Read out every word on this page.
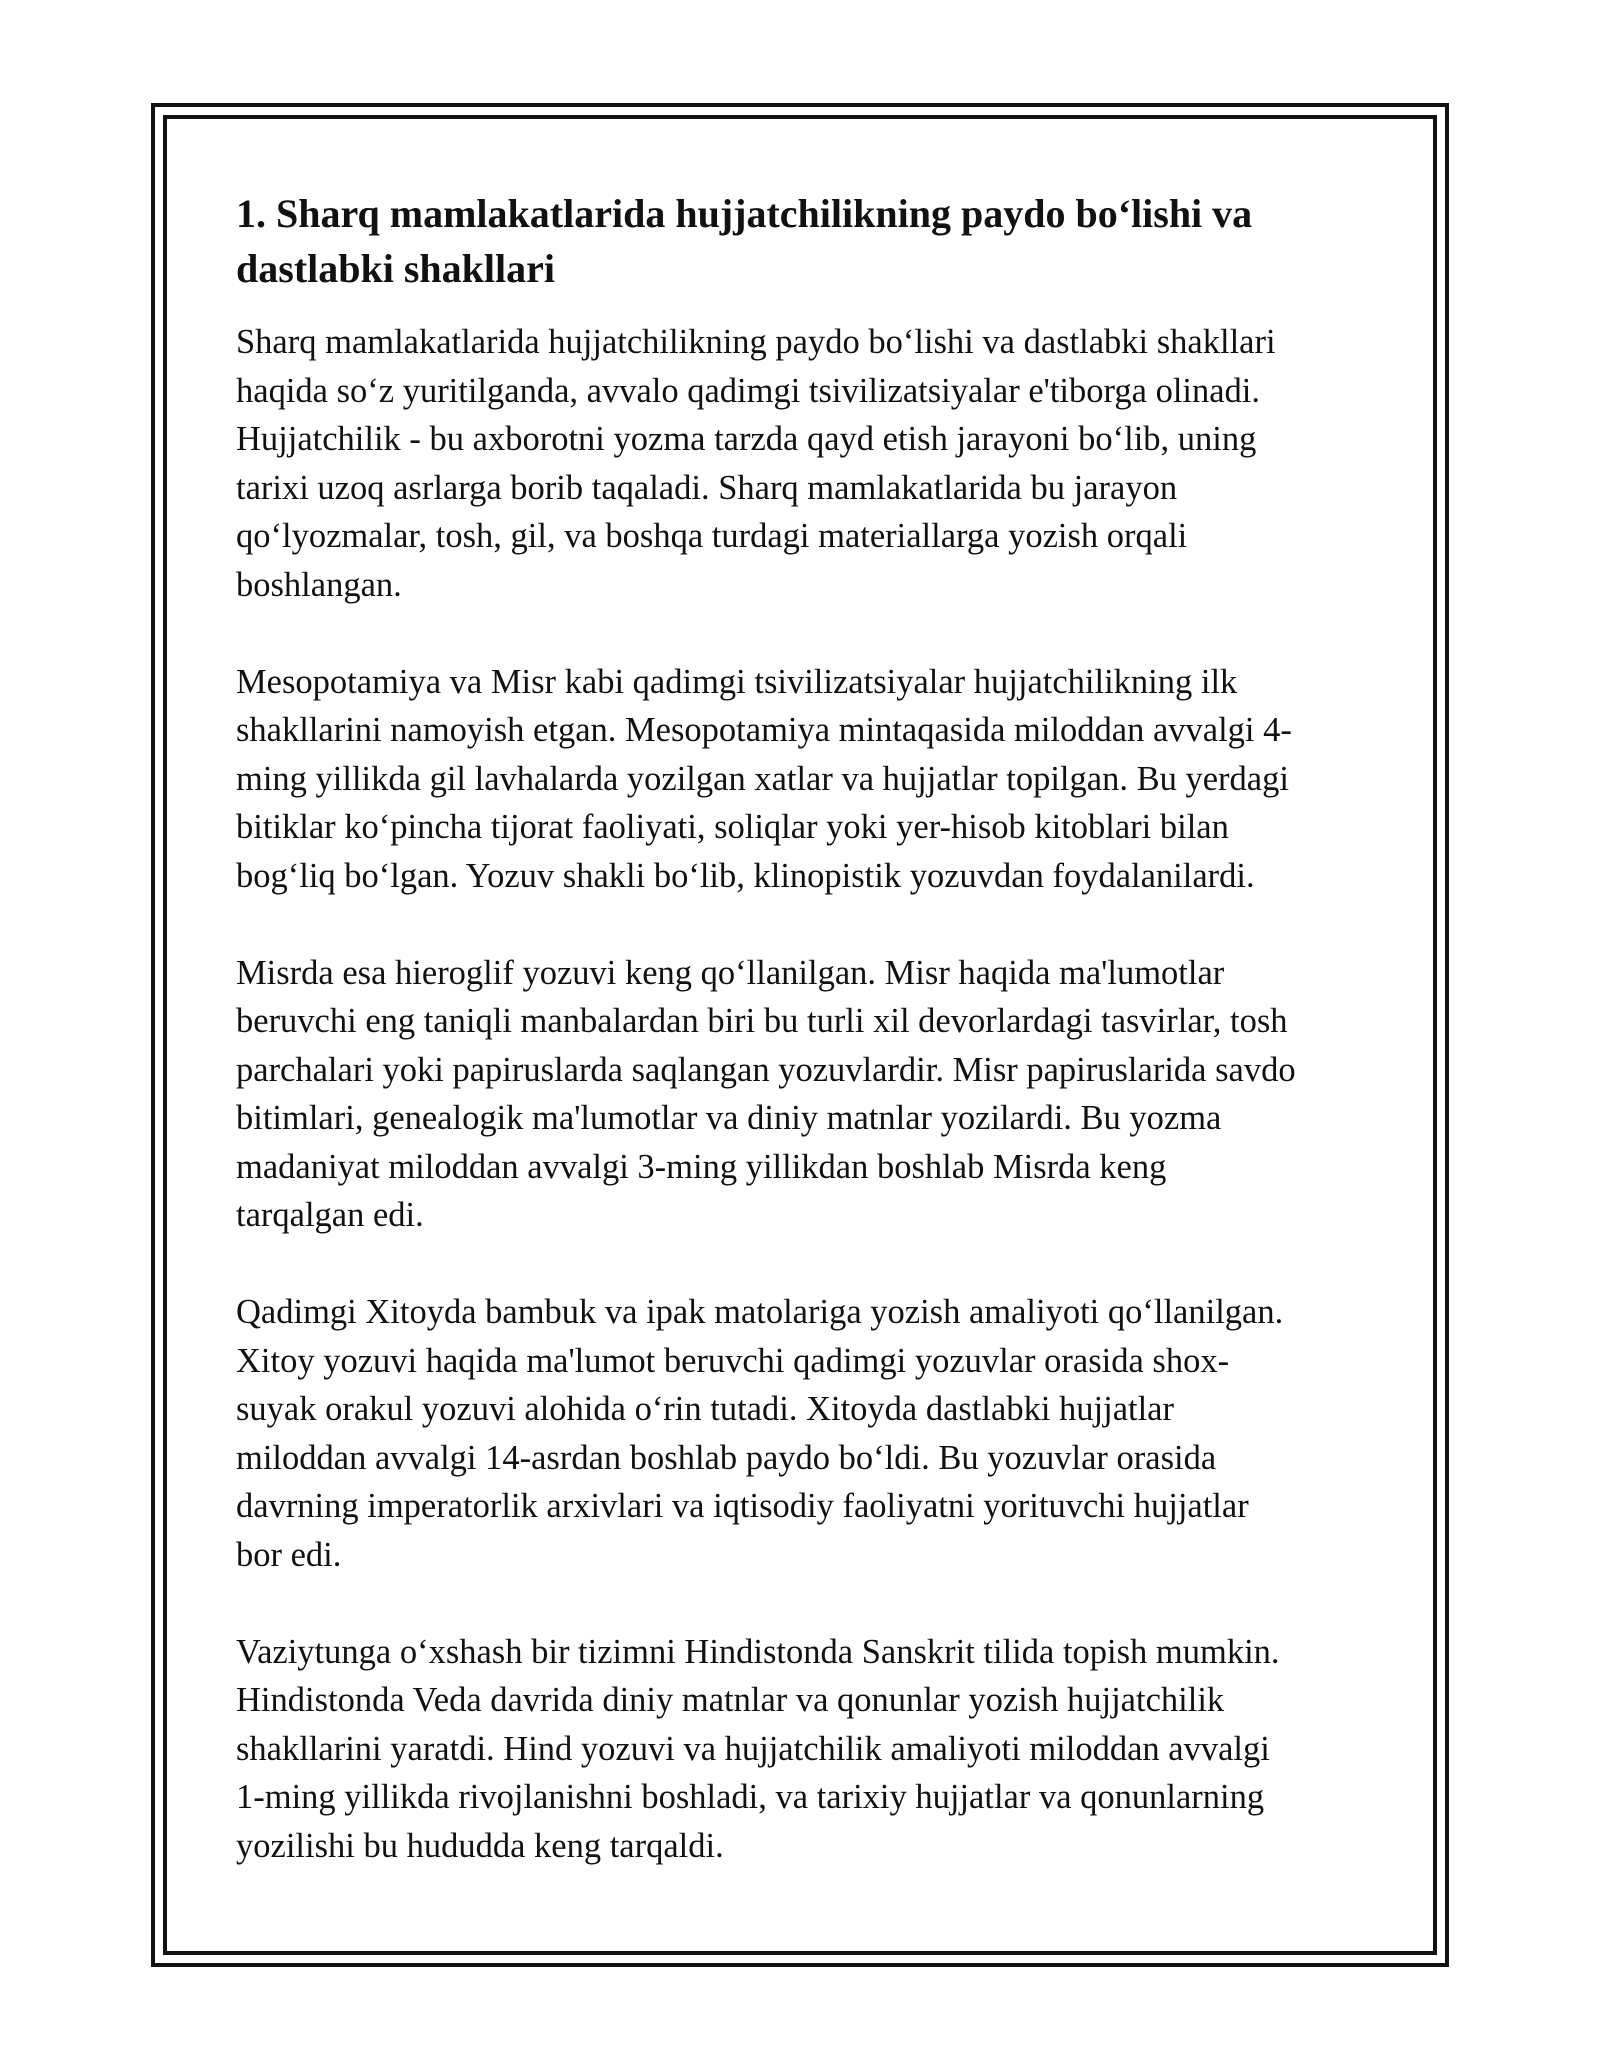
1. Sharq mamlakatlarida hujjatchilikning paydo bo‘lishi va
dastlabki shakllari
Sharq mamlakatlarida hujjatchilikning paydo bo‘lishi va dastlabki shakllari
haqida so‘z yuritilganda, avvalo qadimgi tsivilizatsiyalar e'tiborga olinadi.
Hujjatchilik - bu axborotni yozma tarzda qayd etish jarayoni bo‘lib, uning
tarixi uzoq asrlarga borib taqaladi. Sharq mamlakatlarida bu jarayon
qo‘lyozmalar, tosh, gil, va boshqa turdagi materiallarga yozish orqali
boshlangan.
Mesopotamiya va Misr kabi qadimgi tsivilizatsiyalar hujjatchilikning ilk
shakllarini namoyish etgan. Mesopotamiya mintaqasida miloddan avvalgi 4-
ming yillikda gil lavhalarda yozilgan xatlar va hujjatlar topilgan. Bu yerdagi
bitiklar ko‘pincha tijorat faoliyati, soliqlar yoki yer-hisob kitoblari bilan
bog‘liq bo‘lgan. Yozuv shakli bo‘lib, klinopistik yozuvdan foydalanilardi.
Misrda esa hieroglif yozuvi keng qo‘llanilgan. Misr haqida ma'lumotlar
beruvchi eng taniqli manbalardan biri bu turli xil devorlardagi tasvirlar, tosh
parchalari yoki papiruslarda saqlangan yozuvlardir. Misr papiruslarida savdo
bitimlari, genealogik ma'lumotlar va diniy matnlar yozilardi. Bu yozma
madaniyat miloddan avvalgi 3-ming yillikdan boshlab Misrda keng
tarqalgan edi.
Qadimgi Xitoyda bambuk va ipak matolariga yozish amaliyoti qo‘llanilgan.
Xitoy yozuvi haqida ma'lumot beruvchi qadimgi yozuvlar orasida shox-
suyak orakul yozuvi alohida o‘rin tutadi. Xitoyda dastlabki hujjatlar
miloddan avvalgi 14-asrdan boshlab paydo bo‘ldi. Bu yozuvlar orasida
davrning imperatorlik arxivlari va iqtisodiy faoliyatni yorituvchi hujjatlar
bor edi.
Vaziytunga o‘xshash bir tizimni Hindistonda Sanskrit tilida topish mumkin.
Hindistonda Veda davrida diniy matnlar va qonunlar yozish hujjatchilik
shakllarini yaratdi. Hind yozuvi va hujjatchilik amaliyoti miloddan avvalgi
1-ming yillikda rivojlanishni boshladi, va tarixiy hujjatlar va qonunlarning
yozilishi bu hududda keng tarqaldi.
